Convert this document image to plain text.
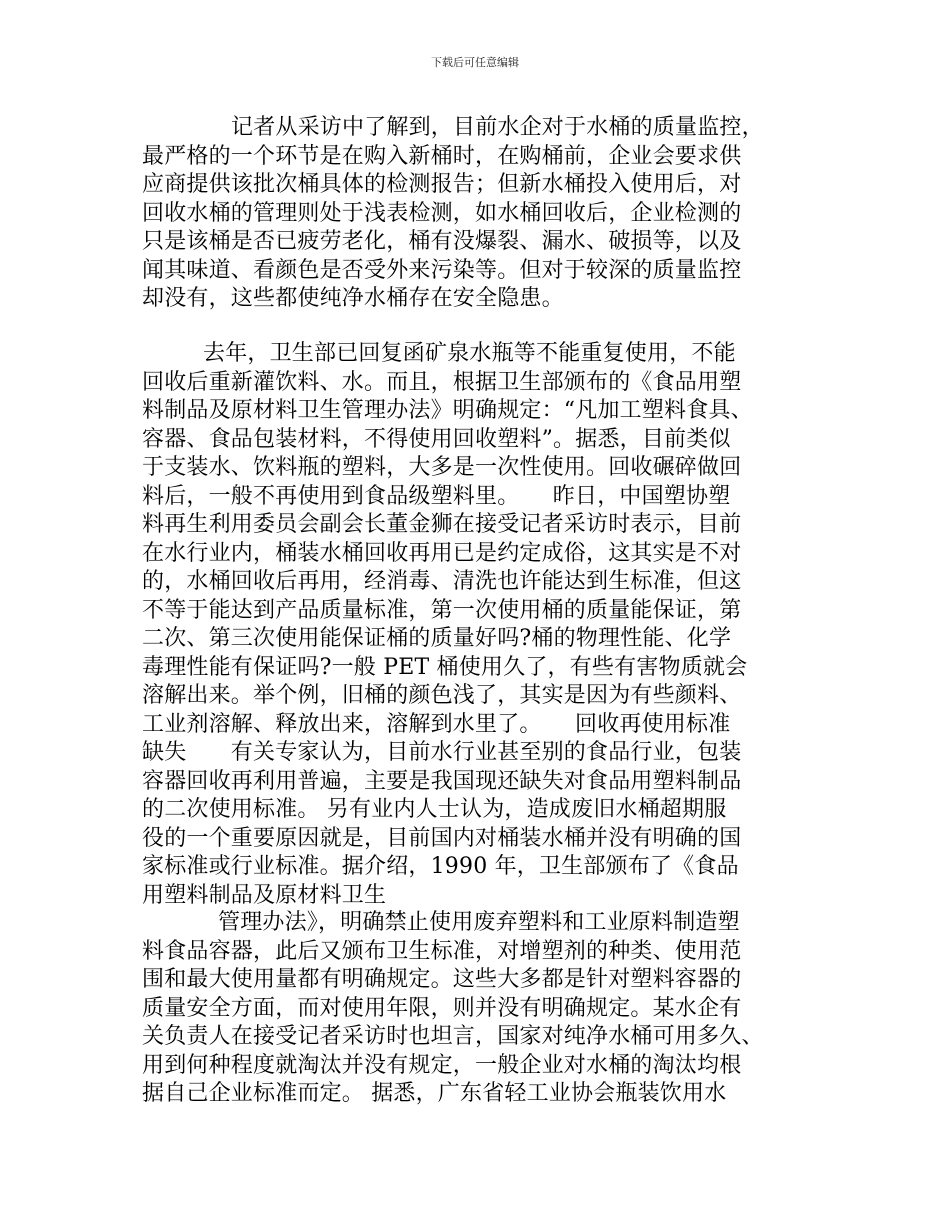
下载后可任意编辑
记者从采访中了解到，目前水企对于水桶的质量监控，
最严格的一个环节是在购入新桶时，在购桶前，企业会要求供
应商提供该批次桶具体的检测报告；但新水桶投入使用后，对
回收水桶的管理则处于浅表检测，如水桶回收后，企业检测的
只是该桶是否已疲劳老化，桶有没爆裂、漏水、破损等，以及
闻其味道、看颜色是否受外来污染等。但对于较深的质量监控
却没有，这些都使纯净水桶存在安全隐患。
去年，卫生部已回复函矿泉水瓶等不能重复使用，不能
回收后重新灌饮料、水。而且，根据卫生部颁布的《食品用塑
料制品及原材料卫生管理办法》明确规定：“凡加工塑料食具、
容器、食品包装材料，不得使用回收塑料”。据悉，目前类似
于支装水、饮料瓶的塑料，大多是一次性使用。回收碾碎做回
料后，一般不再使用到食品级塑料里。　　昨日，中国塑协塑
料再生利用委员会副会长董金狮在接受记者采访时表示，目前
在水行业内，桶装水桶回收再用已是约定成俗，这其实是不对
的，水桶回收后再用，经消毒、清洗也许能达到生标准，但这
不等于能达到产品质量标准，第一次使用桶的质量能保证，第
二次、第三次使用能保证桶的质量好吗?桶的物理性能、化学
毒理性能有保证吗?一般 PET 桶使用久了，有些有害物质就会
溶解出来。举个例，旧桶的颜色浅了，其实是因为有些颜料、
工业剂溶解、释放出来，溶解到水里了。　　回收再使用标准
缺失　　有关专家认为，目前水行业甚至别的食品行业，包装
容器回收再利用普遍，主要是我国现还缺失对食品用塑料制品
的二次使用标准。 另有业内人士认为，造成废旧水桶超期服
役的一个重要原因就是，目前国内对桶装水桶并没有明确的国
家标准或行业标准。据介绍，1990 年，卫生部颁布了《食品
用塑料制品及原材料卫生
管理办法》，明确禁止使用废弃塑料和工业原料制造塑
料食品容器，此后又颁布卫生标准，对增塑剂的种类、使用范
围和最大使用量都有明确规定。这些大多都是针对塑料容器的
质量安全方面，而对使用年限，则并没有明确规定。某水企有
关负责人在接受记者采访时也坦言，国家对纯净水桶可用多久、
用到何种程度就淘汰并没有规定，一般企业对水桶的淘汰均根
据自己企业标准而定。 据悉，广东省轻工业协会瓶装饮用水
